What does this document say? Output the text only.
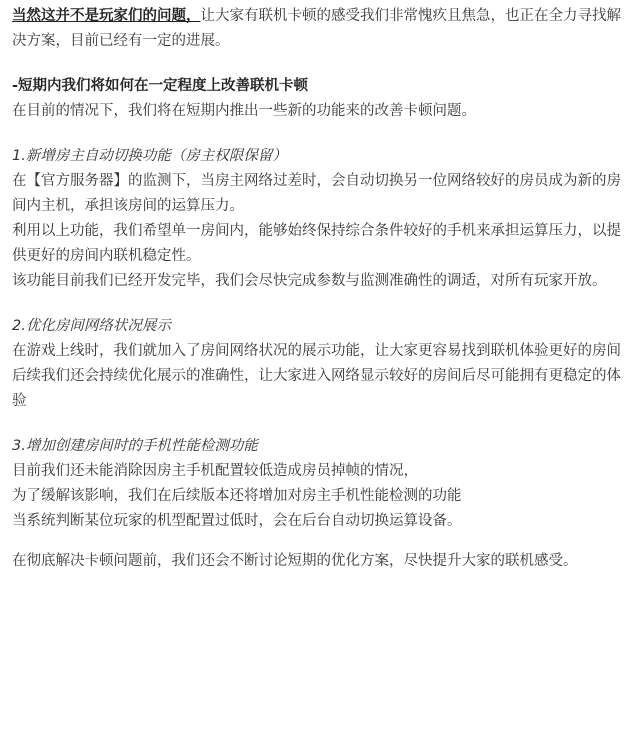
当然这并不是玩家们的问题，让大家有联机卡顿的感受我们非常愧疚且焦急，也正在全力寻找解决方案，目前已经有一定的进展。

-短期内我们将如何在一定程度上改善联机卡顿

在目前的情况下，我们将在短期内推出一些新的功能来的改善卡顿问题。

1.新增房主自动切换功能（房主权限保留）

在【官方服务器】的监测下，当房主网络过差时，会自动切换另一位网络较好的房员成为新的房间内主机，承担该房间的运算压力。

利用以上功能，我们希望单一房间内，能够始终保持综合条件较好的手机来承担运算压力，以提供更好的房间内联机稳定性。

该功能目前我们已经开发完毕，我们会尽快完成参数与监测准确性的调适，对所有玩家开放。

2.优化房间网络状况展示

在游戏上线时，我们就加入了房间网络状况的展示功能，让大家更容易找到联机体验更好的房间

后续我们还会持续优化展示的准确性，让大家进入网络显示较好的房间后尽可能拥有更稳定的体验

3.增加创建房间时的手机性能检测功能

目前我们还未能消除因房主手机配置较低造成房员掉帧的情况，

为了缓解该影响，我们在后续版本还将增加对房主手机性能检测的功能

当系统判断某位玩家的机型配置过低时，会在后台自动切换运算设备。

在彻底解决卡顿问题前，我们还会不断讨论短期的优化方案，尽快提升大家的联机感受。
